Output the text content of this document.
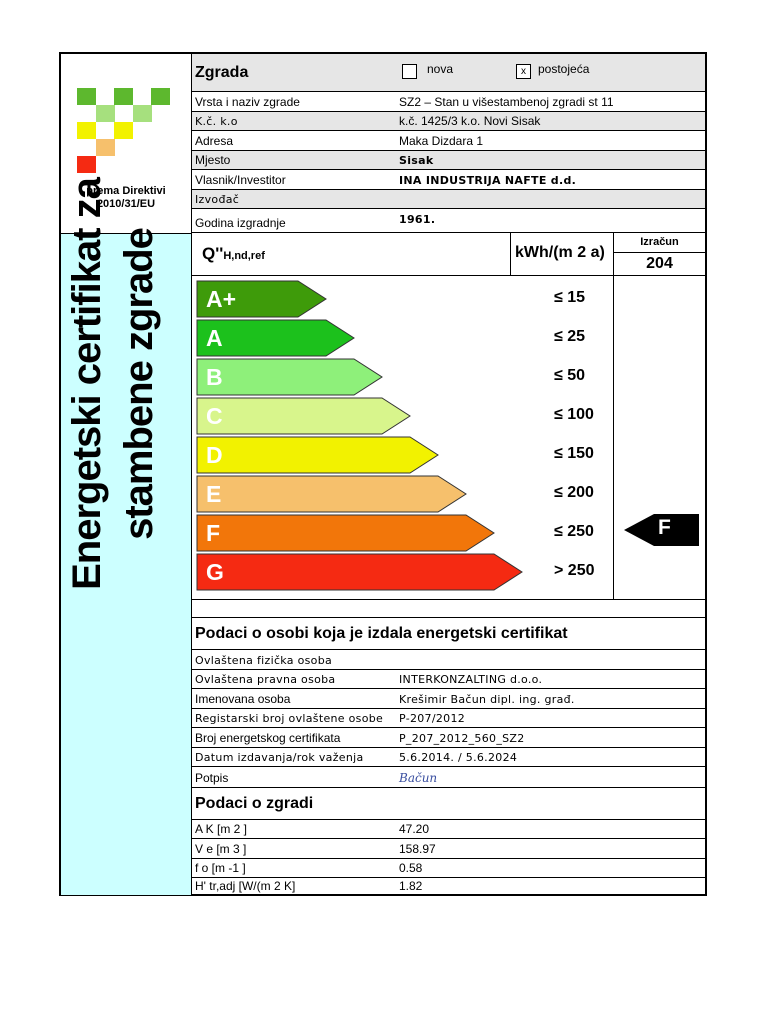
prema Direktivi
2010/31/EU
Energetski certifikat za stambene zgrade
Zgrada	nova	x	postojeća
Vrsta i naziv zgrade	SZ2 – Stan u višestambenoj zgradi st 11
K.č. k.o	k.č. 1425/3 k.o. Novi Sisak
Adresa	Maka Dizdara 1
Mjesto	Sisak
Vlasnik/Investitor	INA INDUSTRIJA NAFTE d.d.
Izvođač
Godina izgradnje	1961.
Q''H,nd,ref	kWh/(m 2 a)
Izračun
204
A+	≤ 15
A	≤ 25
B	≤ 50
C	≤ 100
D	≤ 150
E	≤ 200
F	≤ 250
G	> 250
F
Podaci o osobi koja je izdala energetski certifikat
Ovlaštena fizička osoba
Ovlaštena pravna osoba	INTERKONZALTING d.o.o.
Imenovana osoba	Krešimir Bačun dipl. ing. građ.
Registarski broj ovlaštene osobe P-207/2012
Broj energetskog certifikata	P_207_2012_560_SZ2
Datum izdavanja/rok važenja	5.6.2014. / 5.6.2024
Potpis	Bačun
Podaci o zgradi
A K [m 2 ]	47.20
V e [m 3 ]	158.97
f o [m -1 ]	0.58
H' tr,adj [W/(m 2 K]	1.82
